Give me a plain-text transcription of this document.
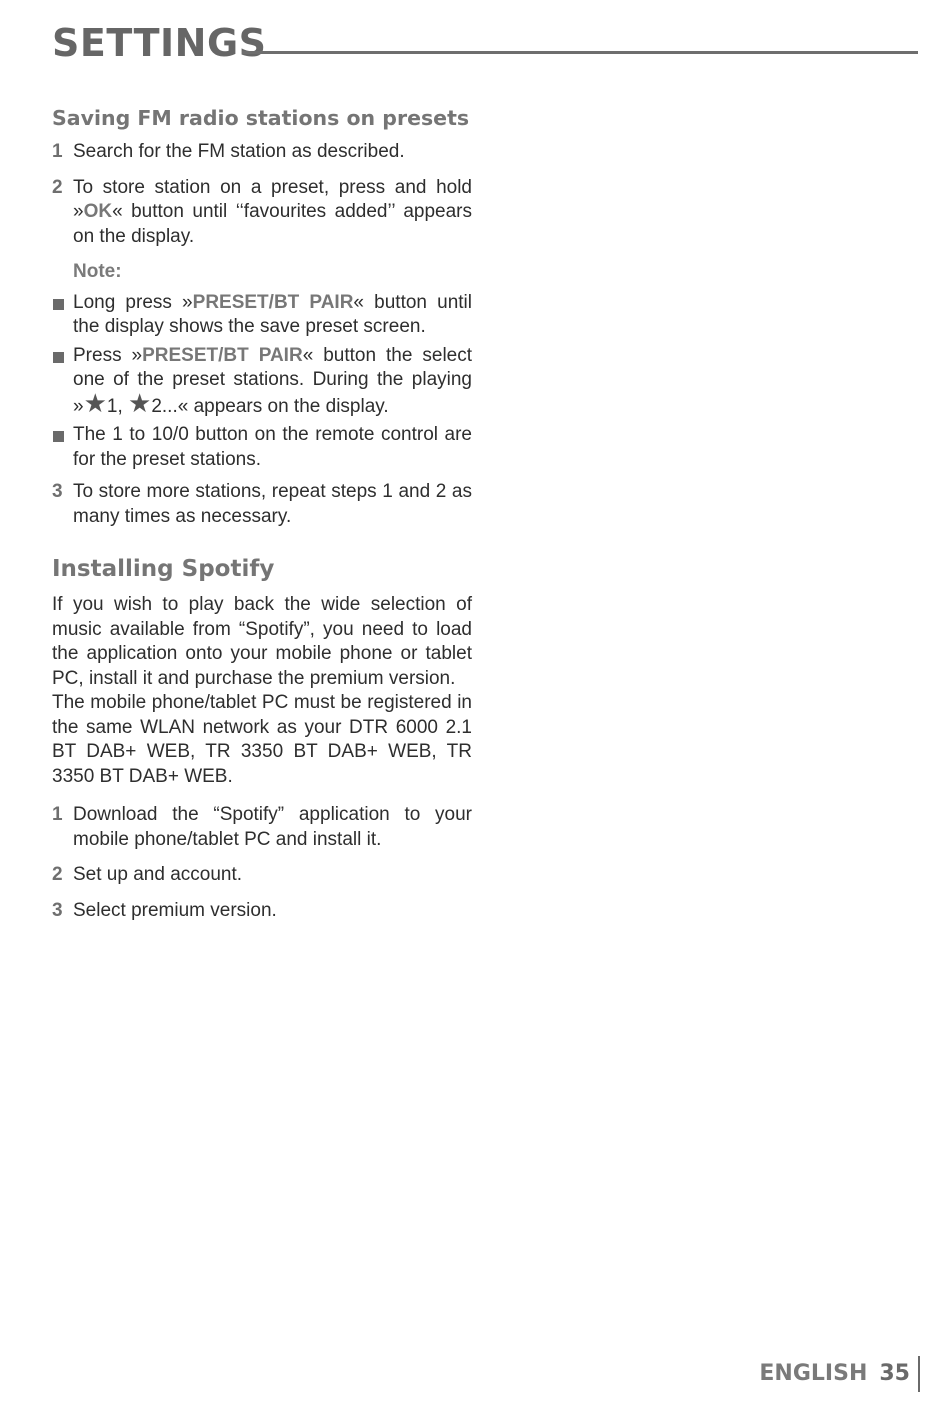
SETTINGS
Saving FM radio stations on presets
1 Search for the FM station as described.
2 To store station on a preset, press and hold »OK« button until ‘‘favourites added’’ appears on the display.
Note:
Long press »PRESET/BT PAIR« button until the display shows the save preset screen.
Press »PRESET/BT PAIR« button the select one of the preset stations. During the playing »★1, ★2...« appears on the display.
The 1 to 10/0 button on the remote control are for the preset stations.
3 To store more stations, repeat steps 1 and 2 as many times as necessary.
Installing Spotify
If you wish to play back the wide selection of music available from “Spotify”, you need to load the application onto your mobile phone or tablet PC, install it and purchase the premium version.
The mobile phone/tablet PC must be registered in the same WLAN network as your DTR 6000 2.1 BT DAB+ WEB, TR 3350 BT DAB+ WEB, TR 3350 BT DAB+ WEB.
1 Download the “Spotify” application to your mobile phone/tablet PC and install it.
2 Set up and account.
3 Select premium version.
ENGLISH 35
